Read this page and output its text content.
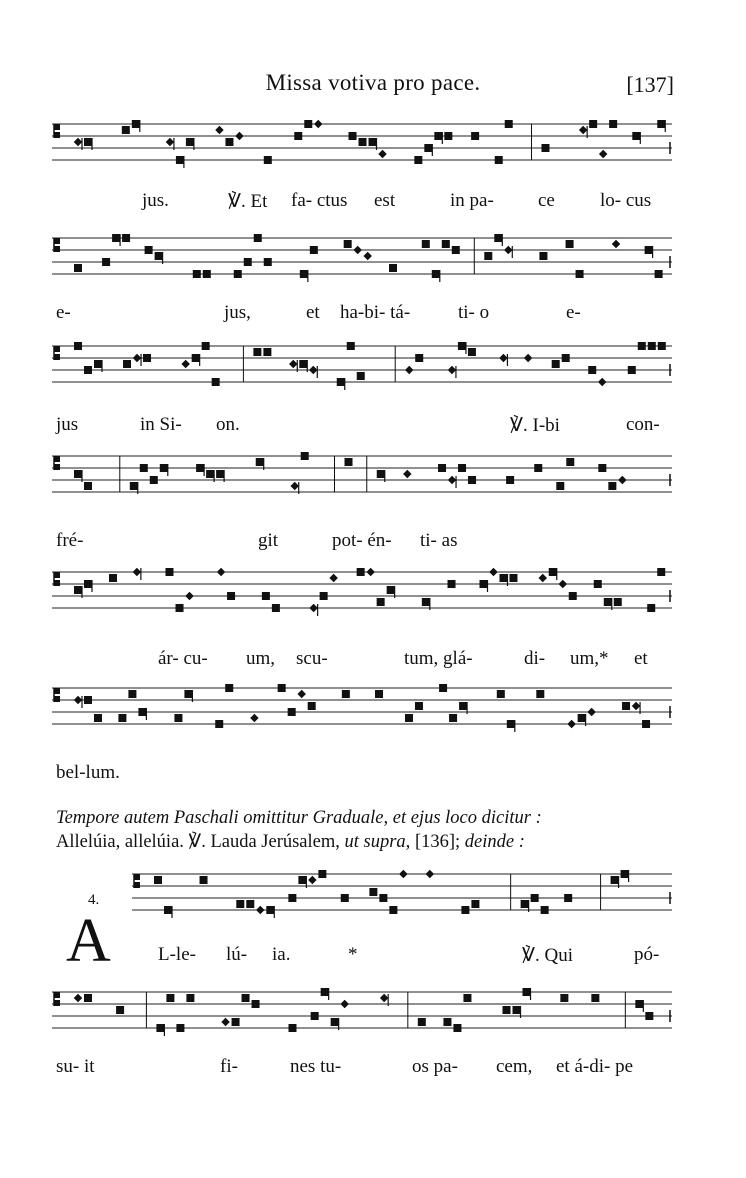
Missa votiva pro pace.	[137]
jus.	℣. Et fa- ctus est	in pa- ce lo- cus
e-	jus,	et ha-bi- tá-	ti- o	e-
jus	in Si- on.	℣. I-bi	con-
fré-	git	pot- én- ti- as
ár- cu- um, scu-	tum, glá-	di- um,* et
bel-lum.
Tempore autem Paschali omittitur Graduale, et ejus loco dicitur :
Allelúia, allelúia. ℣. Lauda Jerúsalem, ut supra, [136]; deinde :
4.
A L-le- lú- ia.	*	℣. Qui	pó-
su- it	fi-	nes tu-	os pa- cem, et á-di- pe
